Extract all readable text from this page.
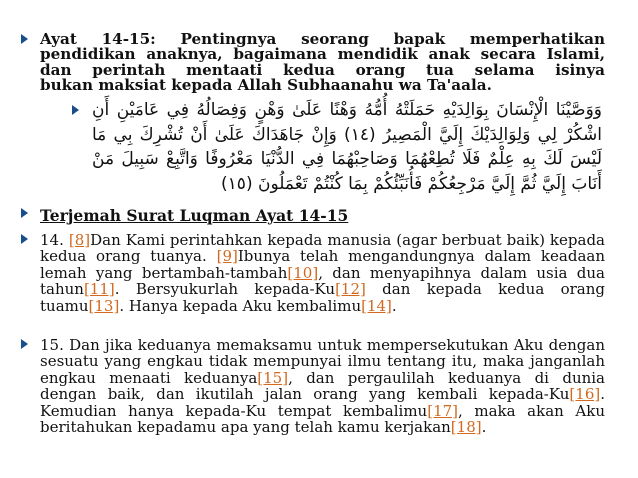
Ayat 14-15: Pentingnya seorang bapak memperhatikan pendidikan anaknya, bagaimana mendidik anak secara Islami, dan perintah mentaati kedua orang tua selama isinya
bukan maksiat kepada Allah Subhaanahu wa Ta'aala.
وَوَصَّيْنَا الْإِنْسَانَ بِوَالِدَيْهِ حَمَلَتْهُ أُمُّهُ وَهْنًا عَلَىٰ وَهْنٍ وَفِصَالُهُ فِي عَامَيْنِ أَنِ اشْكُرْ لِي وَلِوَالِدَيْكَ إِلَيَّ الْمَصِيرُ (١٤) وَإِنْ جَاهَدَاكَ عَلَىٰ أَنْ تُشْرِكَ بِي مَا لَيْسَ لَكَ بِهِ عِلْمٌ فَلَا تُطِعْهُمَا وَصَاحِبْهُمَا فِي الدُّنْيَا مَعْرُوفًا وَاتَّبِعْ سَبِيلَ مَنْ أَنَابَ إِلَيَّ ثُمَّ إِلَيَّ مَرْجِعُكُمْ فَأُنَبِّئُكُمْ بِمَا كُنْتُمْ تَعْمَلُونَ (١٥)
Terjemah Surat Luqman Ayat 14-15
14. [8]Dan Kami perintahkan kepada manusia (agar berbuat baik) kepada kedua orang tuanya. [9]Ibunya telah mengandungnya dalam keadaan lemah yang bertambah-tambah[10], dan menyapihnya dalam usia dua tahun[11]. Bersyukurlah kepada-Ku[12] dan kepada kedua orang tuamu[13]. Hanya kepada Aku kembalimu[14].
15. Dan jika keduanya memaksamu untuk mempersekutukan Aku dengan sesuatu yang engkau tidak mempunyai ilmu tentang itu, maka janganlah engkau menaati keduanya[15], dan pergaulilah keduanya di dunia dengan baik, dan ikutilah jalan orang yang kembali kepada-Ku[16]. Kemudian hanya kepada-Ku tempat kembalimu[17], maka akan Aku beritahukan kepadamu apa yang telah kamu kerjakan[18].
